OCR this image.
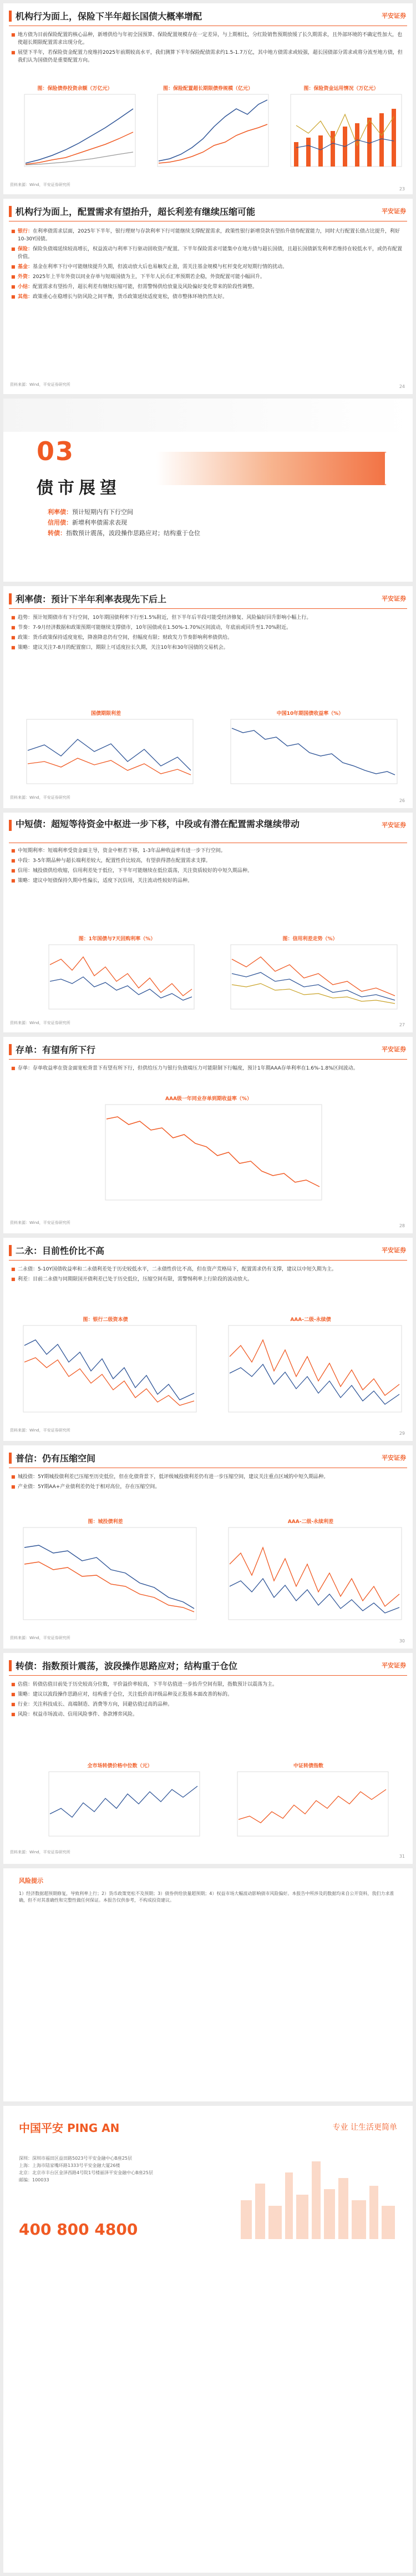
机构行为面上，保险下半年超长国债大概率增配	平安证券
■ 地方债为目前保险配置的核心品种，新增供给与年初全国预算、保险配置规模存在一定差异，与上期相比，分红险销售预期放缓了长久期需求，且外部环境的不确定性加大，也使超长期限配置需求出现分化。
■ 展望下半年，若保险资金配置力度维持2025年前期较高水平，我们测算下半年保险配债需求约1.5-1.7万亿，其中地方债需求或较强，超长国债部分需求或将分流至地方债，但我们认为国债仍是重要配置方向。
图：保险债券投资余额（万亿元）	图：保险配置超长期限债券规模（亿元）	图：保险资金运用情况（万亿元）
资料来源：Wind，平安证券研究所
23
机构行为面上，配置需求有望抬升，超长利差有继续压缩可能	平安证券
■ 银行：在利率债需求层面，2025年下半年，银行理财与存款利率下行可能继续支撑配置需求，政策性银行新增贷款有望抬升债券配置能力，同时大行配置长债占比提升，利好10-30Y国债。
■ 保险：保险负债端延续较高增长，权益波动与利率下行驱动固收资产配置。下半年保险需求可能集中在地方债与超长国债，且超长国债新发利率若维持在较低水平，或仍有配置价值。
■ 基金：基金在利率下行中可能继续提升久期，但波动放大后也易触发止盈，需关注基金规模与杠杆变化对短期行情的扰动。
■ 外资：2025年上半年外资以同业存单与短端国债为主，下半年人民币汇率预期若企稳，外资配置可能小幅回升。
■ 小结：配置需求有望抬升，超长利差有继续压缩可能，但需警惕供给放量及风险偏好变化带来的阶段性调整。
■ 其他：政策重心在稳增长与防风险之间平衡，货币政策延续适度宽松，债市整体环境仍然友好。
资料来源：Wind，平安证券研究所	24
03
债市展望
利率债：预计短期内有下行空间
信用债：新增利率债需求表现
转债：指数预计震荡，波段操作思路应对；结构重于仓位
利率债：预计下半年利率表现先下后上	平安证券
■ 趋势：预计短期债市有下行空间，10年期国债利率下行至1.5%附近，但下半年后半段可能受经济修复、风险偏好回升影响小幅上行。
■ 节奏：7-9月经济数据和政策预期可能继续支撑债市，10年国债或在1.50%-1.70%区间波动，年底前或回升至1.70%附近。
■ 政策：货币政策保持适度宽松，降准降息仍有空间，但幅度有限；财政发力节奏影响利率债供给。
■ 策略：建议关注7-8月的配置窗口，期限上可适度拉长久期，关注10年和30年国债的交易机会。
国债期限利差	中国10年期国债收益率（%）
资料来源：Wind，平安证券研究所
26
中短债：超短等待资金中枢进一步下移，中段或有潜在配置需求继续带动	平安证券
■ 中短期利率：短端利率受资金面主导，资金中枢若下移，1-3年品种收益率有进一步下行空间。
■ 中段：3-5年期品种与超长端利差较大，配置性价比较高，有望获得潜在配置需求支撑。
■ 信用：城投债供给收缩，信用利差处于低位，下半年可能继续在低位震荡，关注资质较好的中短久期品种。
■ 策略：建议中短债保持久期中性偏长，适度下沉信用，关注流动性较好的品种。
图：1年国债与7天回购利率（%）	图：信用利差走势（%）
资料来源：Wind，平安证券研究所	27
存单：有望有所下行	平安证券
■ 存单：存单收益率在资金面宽松背景下有望有所下行，但供给压力与银行负债端压力可能限制下行幅度，预计1年期AAA存单利率在1.6%-1.8%区间波动。
AAA级一年同业存单到期收益率（%）
资料来源：Wind，平安证券研究所
28
二永：目前性价比不高	平安证券
■ 二永债：5-10Y国债收益率和二永债利差处于历史较低水平，二永债性价比不高，但在资产荒格局下，配置需求仍有支撑，建议以中短久期为主。
■ 利差：目前二永债与同期限国开债利差已处于历史低位，压缩空间有限，需警惕利率上行阶段的波动放大。
图：银行二级资本债	AAA-二级-永续债
资料来源：Wind，平安证券研究所
29
普信：仍有压缩空间	平安证券
■ 城投债：5Y期城投债利差已压缩至历史低位，但在化债背景下，低评级城投债利差仍有进一步压缩空间，建议关注重点区域的中短久期品种。
■ 产业债：5Y期AA+产业债利差仍处于相对高位，存在压缩空间。
图：城投债利差	AAA-二级-永续利差
资料来源：Wind，平安证券研究所
30
转债：指数预计震荡，波段操作思路应对；结构重于仓位	平安证券
■ 估值：转债估值目前处于历史较高分位数，平价溢价率较高，下半年估值进一步抬升空间有限，指数预计以震荡为主。
■ 策略：建议以波段操作思路应对，结构重于仓位，关注低价高评级品种及正股基本面改善的标的。
■ 行业：关注科技成长、高端制造、消费等方向，回避估值过高的品种。
■ 风险：权益市场波动、信用风险事件、条款博弈风险。
全市场转债价格中位数（元）	中证转债指数
资料来源：Wind，平安证券研究所
31
风险提示
1）经济数据超预期修复，导致利率上行；2）货币政策宽松不及预期；3）债券供给放量超预期；4）权益市场大幅波动影响债市风险偏好。本报告中所涉及的数据均来自公开资料，我们力求准确，但不对其准确性和完整性做任何保证。本报告仅供参考，不构成投资建议。
中国平安 PING AN	专业 让生活更简单
深圳：深圳市福田区益田路5023号平安金融中心B座25层
上海：上海市陆家嘴环路1333号平安金融大厦26楼
北京：北京市丰台区金泽西路4号院1号楼丽泽平安金融中心B座25层
邮编：100033
400 800 4800
